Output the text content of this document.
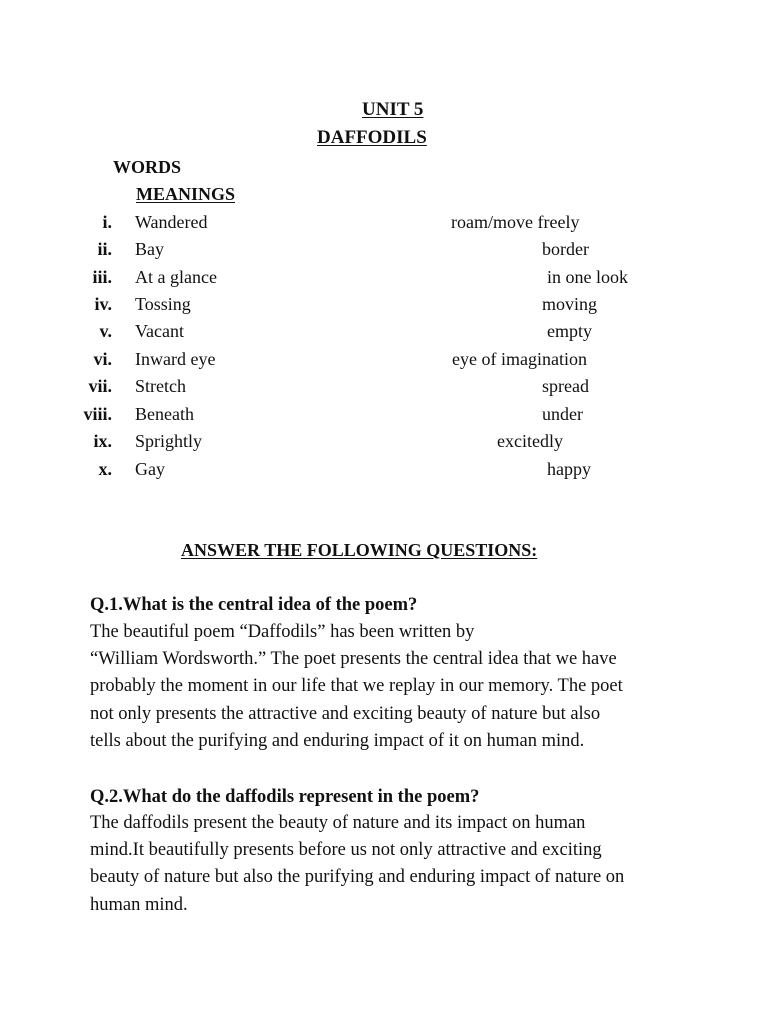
UNIT 5
DAFFODILS
WORDS
MEANINGS
i. Wandered	roam/move freely
ii. Bay	border
iii. At a glance	in one look
iv. Tossing	moving
v. Vacant	empty
vi. Inward eye	eye of imagination
vii. Stretch	spread
viii. Beneath	under
ix. Sprightly	excitedly
x. Gay	happy
ANSWER THE FOLLOWING QUESTIONS:
Q.1.What is the central idea of the poem?
The beautiful poem “Daffodils” has been written by
“William Wordsworth.” The poet presents the central idea that we have
probably the moment in our life that we replay in our memory. The poet
not only presents the attractive and exciting beauty of nature but also
tells about the purifying and enduring impact of it on human mind.
Q.2.What do the daffodils represent in the poem?
The daffodils present the beauty of nature and its impact on human
mind.It beautifully presents before us not only attractive and exciting
beauty of nature but also the purifying and enduring impact of nature on
human mind.
